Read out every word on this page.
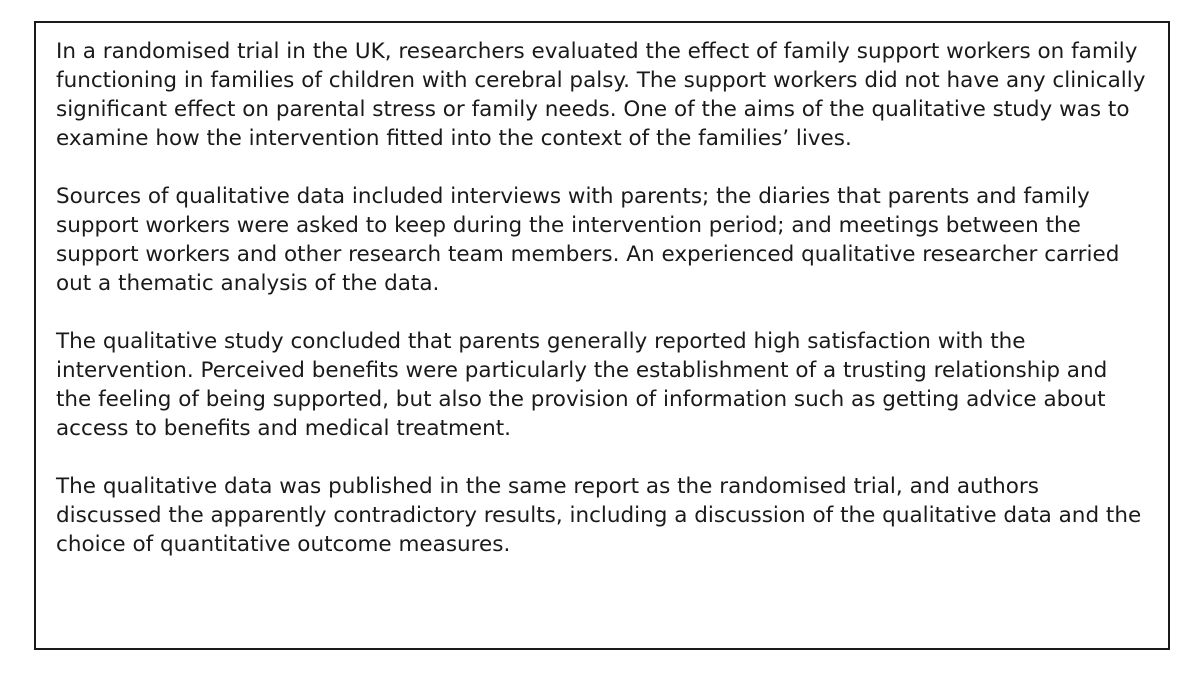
In a randomised trial in the UK, researchers evaluated the effect of family support workers on family functioning in families of children with cerebral palsy. The support workers did not have any clinically significant effect on parental stress or family needs. One of the aims of the qualitative study was to examine how the intervention fitted into the context of the families’ lives.

Sources of qualitative data included interviews with parents; the diaries that parents and family support workers were asked to keep during the intervention period; and meetings between the support workers and other research team members. An experienced qualitative researcher carried out a thematic analysis of the data.

The qualitative study concluded that parents generally reported high satisfaction with the intervention. Perceived benefits were particularly the establishment of a trusting relationship and the feeling of being supported, but also the provision of information such as getting advice about access to benefits and medical treatment.

The qualitative data was published in the same report as the randomised trial, and authors discussed the apparently contradictory results, including a discussion of the qualitative data and the choice of quantitative outcome measures.
